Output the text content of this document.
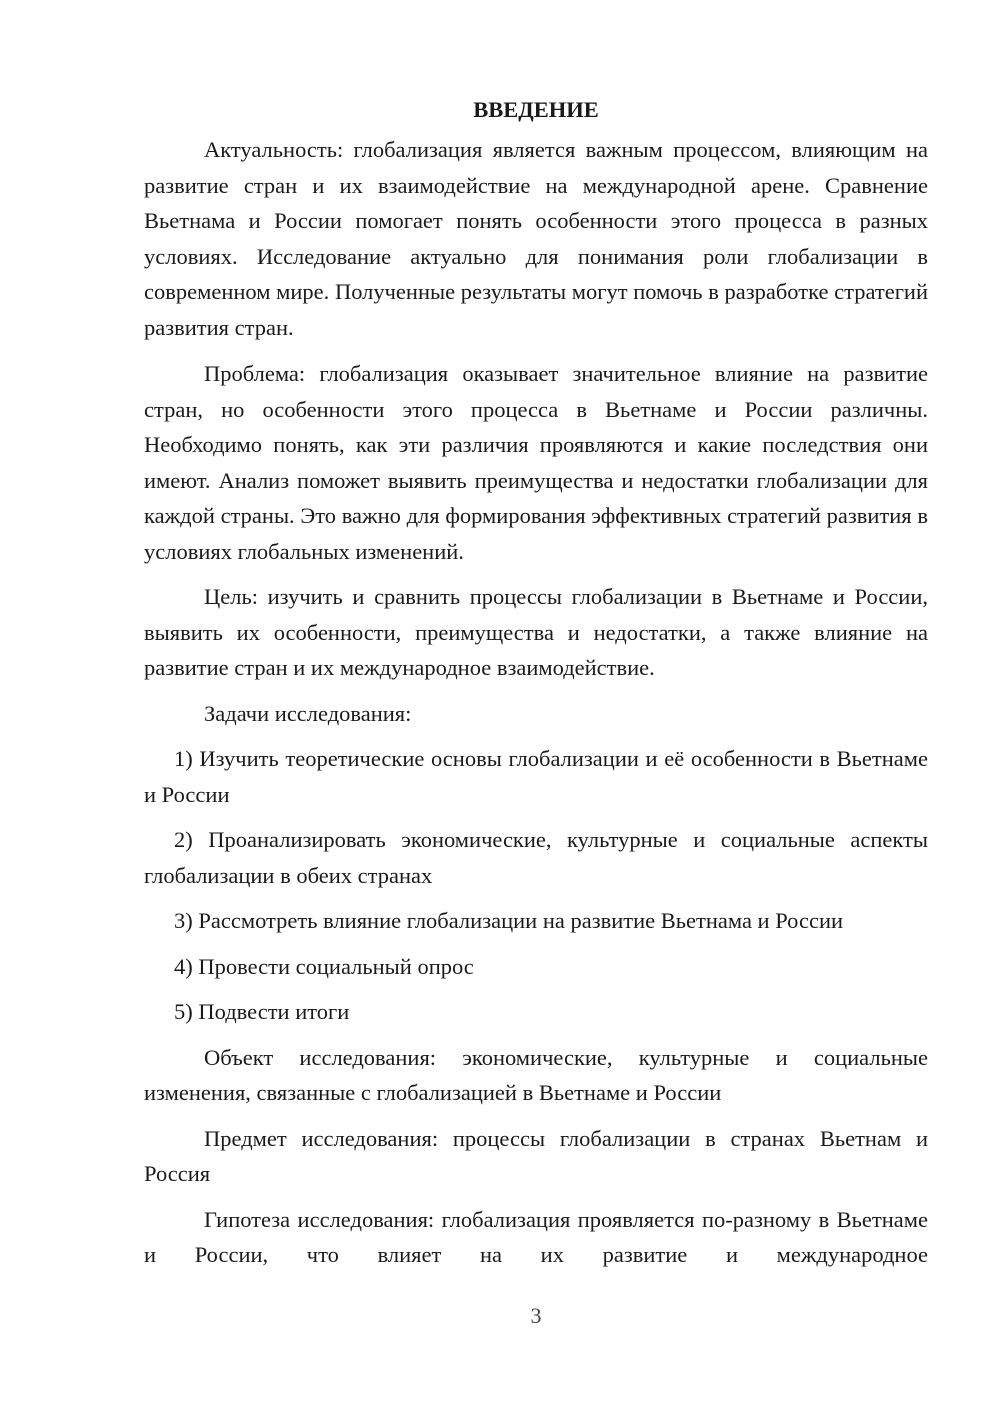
ВВЕДЕНИЕ
Актуальность: глобализация является важным процессом, влияющим на развитие стран и их взаимодействие на международной арене. Сравнение Вьетнама и России помогает понять особенности этого процесса в разных условиях. Исследование актуально для понимания роли глобализации в современном мире. Полученные результаты могут помочь в разработке стратегий развития стран.
Проблема: глобализация оказывает значительное влияние на развитие стран, но особенности этого процесса в Вьетнаме и России различны. Необходимо понять, как эти различия проявляются и какие последствия они имеют. Анализ поможет выявить преимущества и недостатки глобализации для каждой страны. Это важно для формирования эффективных стратегий развития в условиях глобальных изменений.
Цель: изучить и сравнить процессы глобализации в Вьетнаме и России, выявить их особенности, преимущества и недостатки, а также влияние на развитие стран и их международное взаимодействие.
Задачи исследования:
1) Изучить теоретические основы глобализации и её особенности в Вьетнаме и России
2) Проанализировать экономические, культурные и социальные аспекты глобализации в обеих странах
3) Рассмотреть влияние глобализации на развитие Вьетнама и России
4) Провести социальный опрос
5) Подвести итоги
Объект исследования: экономические, культурные и социальные изменения, связанные с глобализацией в Вьетнаме и России
Предмет исследования: процессы глобализации в странах Вьетнам и Россия
Гипотеза исследования: глобализация проявляется по-разному в Вьетнаме и России, что влияет на их развитие и международное
3
